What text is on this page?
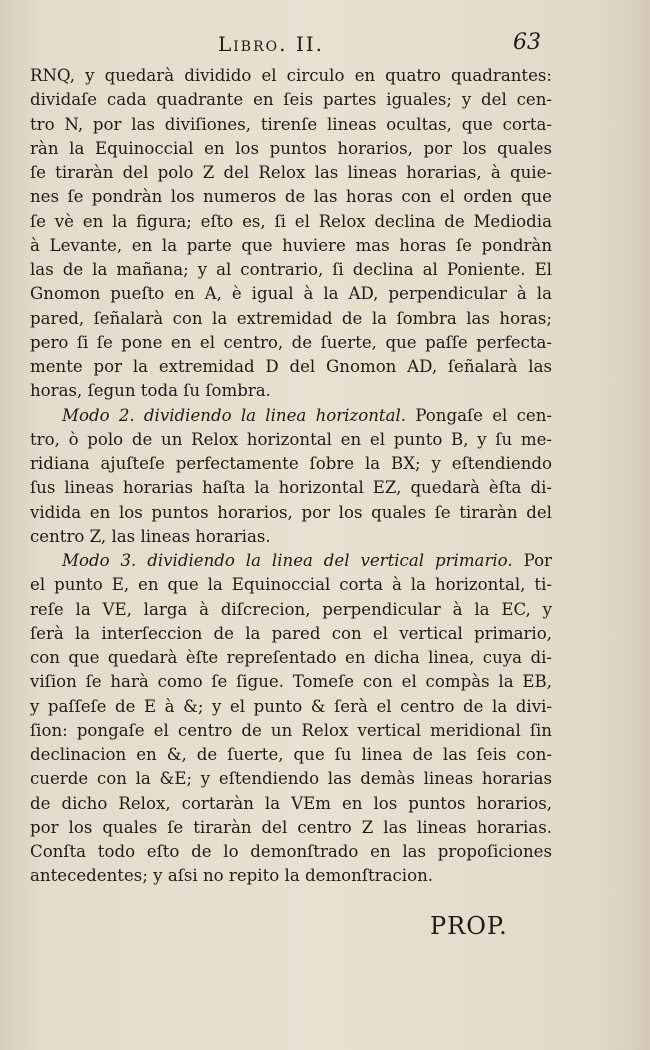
Libro. II.	63
RNQ, y quedarà dividido el circulo en quatro quadrantes:
dividaſe cada quadrante en ſeis partes iguales; y del cen-
tro N, por las diviſiones, tirenſe lineas ocultas, que corta-
ràn la Equinoccial en los puntos horarios, por los quales
ſe tiraràn del polo Z del Relox las lineas horarias, à quie-
nes ſe pondràn los numeros de las horas con el orden que
ſe vè en la figura; eſto es, ſi el Relox declina de Mediodia
à Levante, en la parte que huviere mas horas ſe pondràn
las de la mañana; y al contrario, ſi declina al Poniente. El
Gnomon pueſto en A, è igual à la AD, perpendicular à la
pared, ſeñalarà con la extremidad de la ſombra las horas;
pero ſi ſe pone en el centro, de ſuerte, que paſſe perfecta-
mente por la extremidad D del Gnomon AD, ſeñalarà las
horas, ſegun toda ſu ſombra.
Modo 2. dividiendo la linea horizontal. Pongaſe el cen-
tro, ò polo de un Relox horizontal en el punto B, y ſu me-
ridiana ajuſteſe perfectamente ſobre la BX; y eſtendiendo
ſus lineas horarias haſta la horizontal EZ, quedarà èſta di-
vidida en los puntos horarios, por los quales ſe tiraràn del
centro Z, las lineas horarias.
Modo 3. dividiendo la linea del vertical primario. Por
el punto E, en que la Equinoccial corta à la horizontal, ti-
reſe la VE, larga à diſcrecion, perpendicular à la EC, y
ſerà la interſeccion de la pared con el vertical primario,
con que quedarà èſte repreſentado en dicha linea, cuya di-
viſion ſe harà como ſe ſigue. Tomeſe con el compàs la EB,
y paſſeſe de E à &; y el punto & ſerà el centro de la divi-
ſion: pongaſe el centro de un Relox vertical meridional ſin
declinacion en &, de ſuerte, que ſu linea de las ſeis con-
cuerde con la &E; y eſtendiendo las demàs lineas horarias
de dicho Relox, cortaràn la VEm en los puntos horarios,
por los quales ſe tiraràn del centro Z las lineas horarias.
Conſta todo eſto de lo demonſtrado en las propoſiciones
antecedentes; y aſsi no repito la demonſtracion.
PROP.
